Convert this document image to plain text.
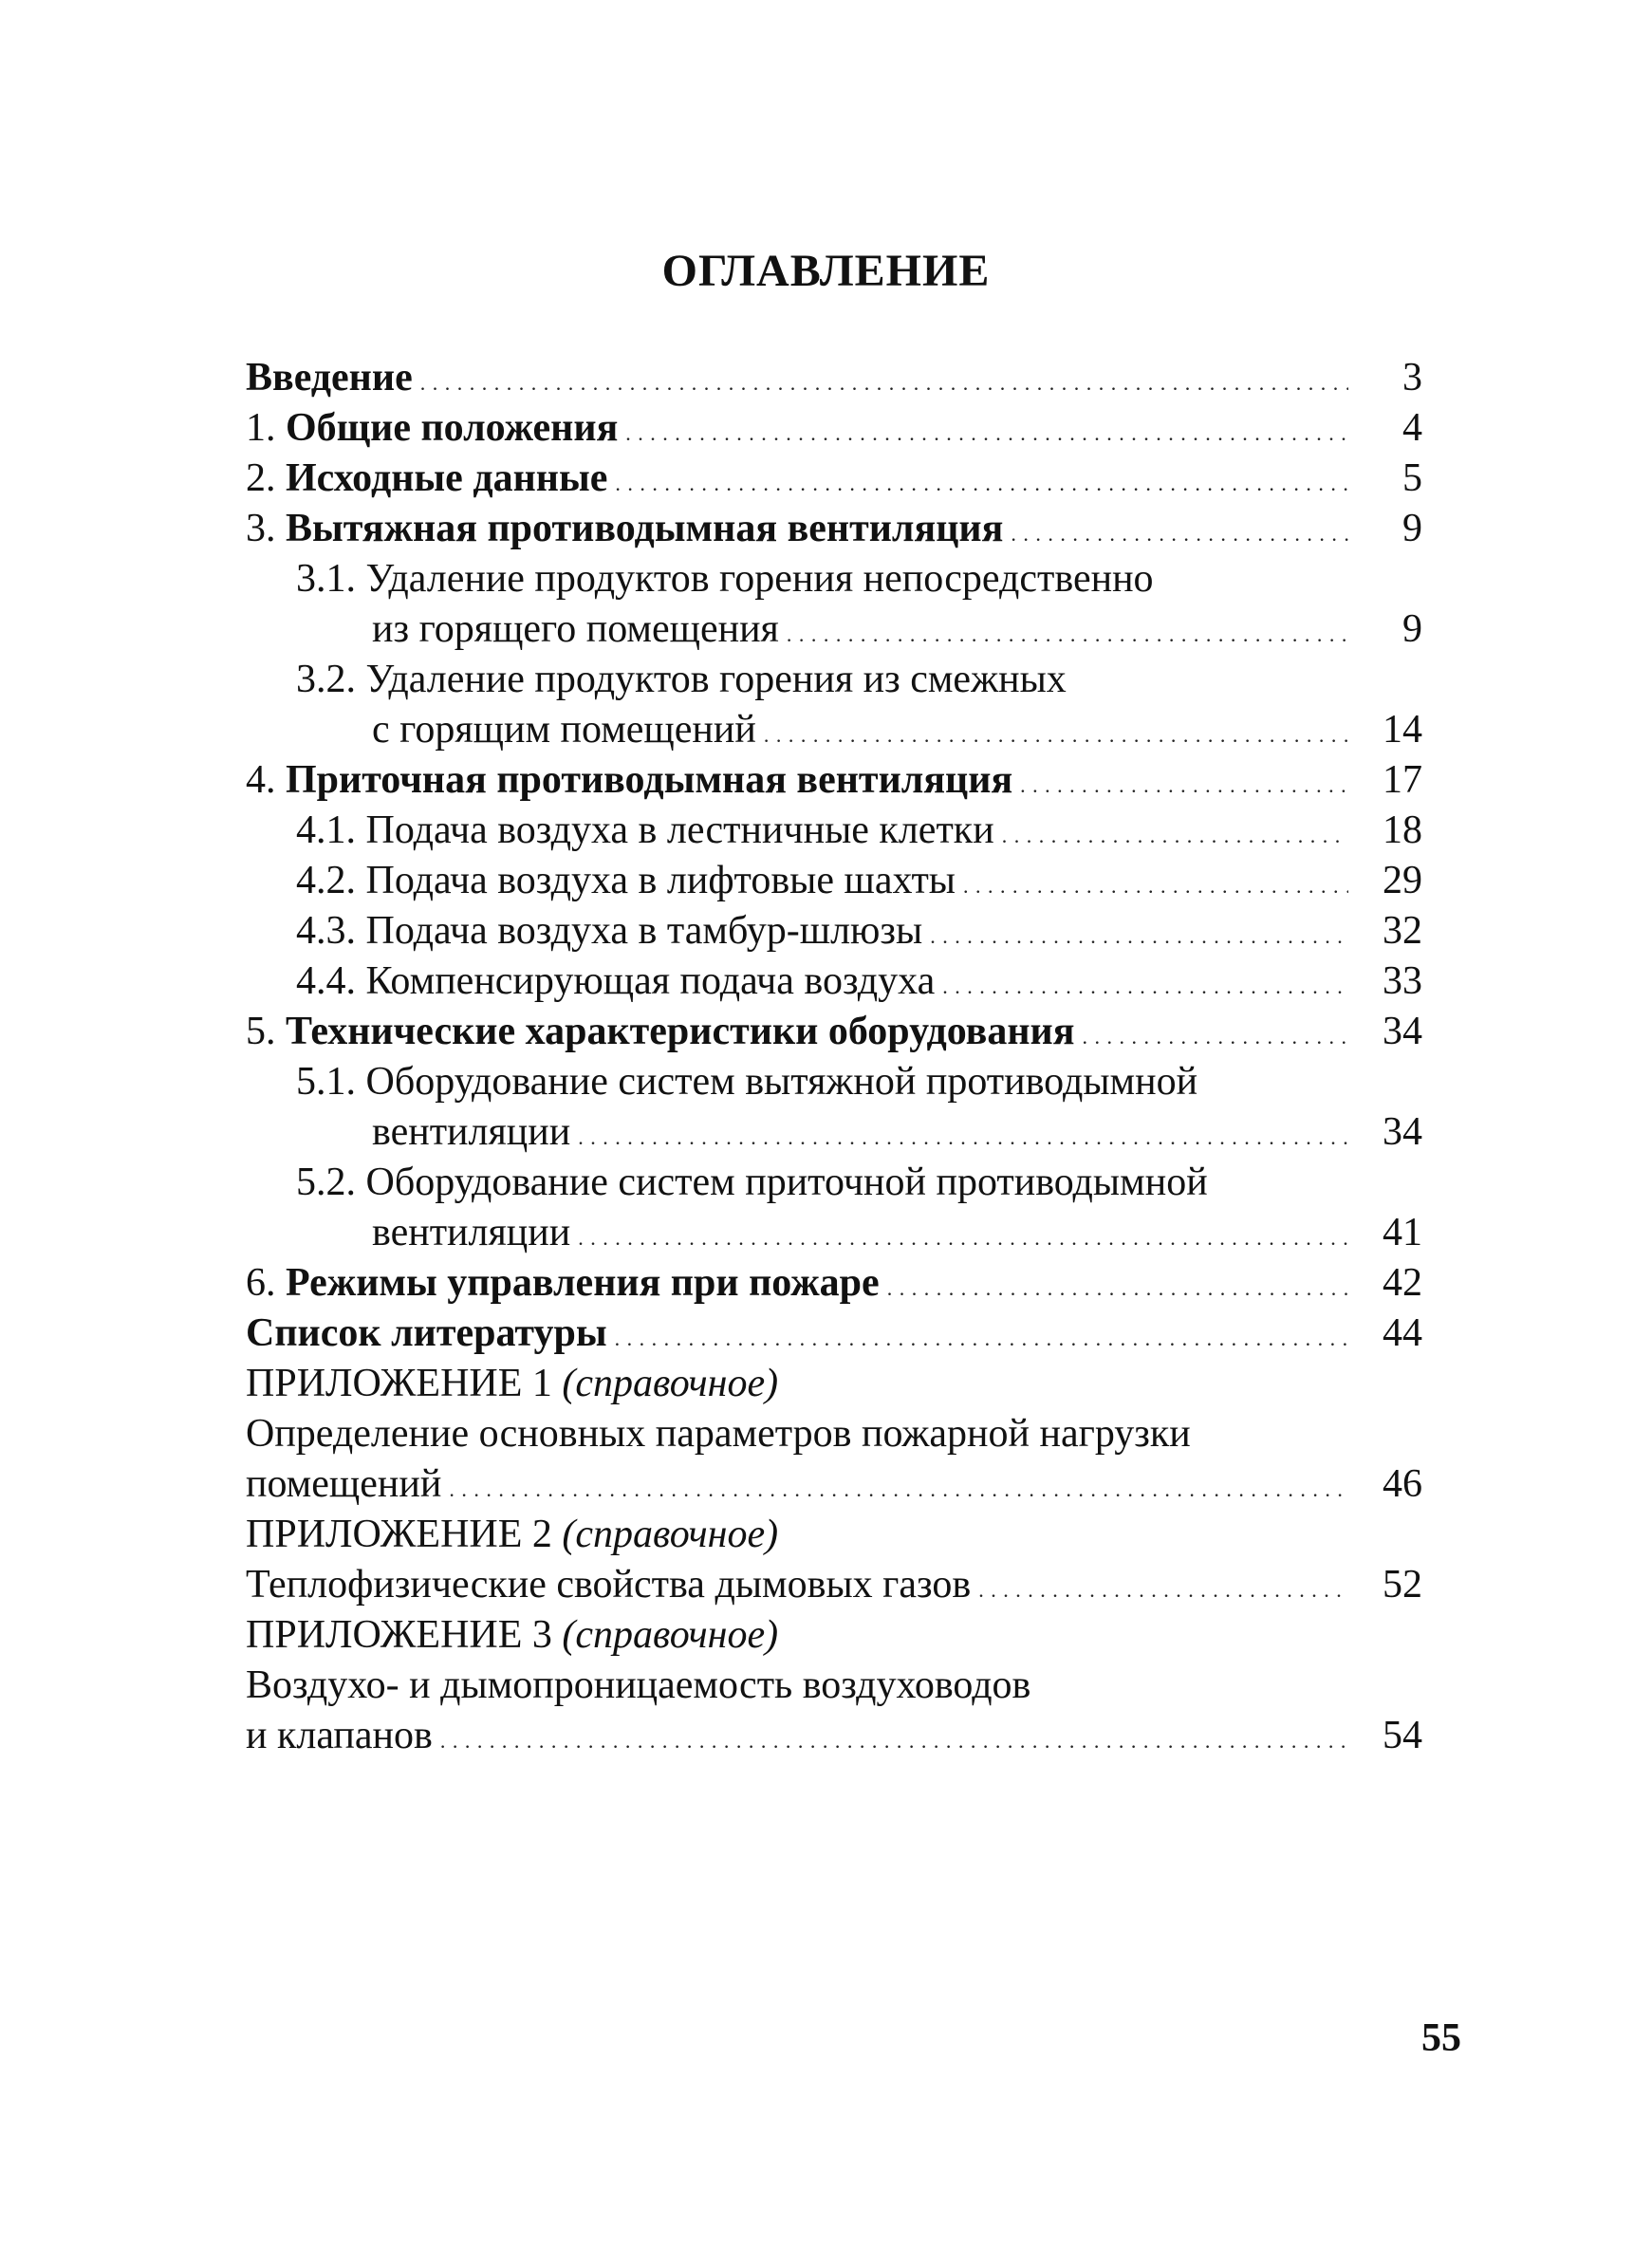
ОГЛАВЛЕНИЕ
Введение . . .	3
1. Общие положения . . .	4
2. Исходные данные . . .	5
3. Вытяжная противодымная вентиляция . . .	9
3.1. Удаление продуктов горения непосредственно
из горящего помещения . . .	9
3.2. Удаление продуктов горения из смежных
с горящим помещений . . .	14
4. Приточная противодымная вентиляция . . .	17
4.1. Подача воздуха в лестничные клетки . . .	18
4.2. Подача воздуха в лифтовые шахты . . .	29
4.3. Подача воздуха в тамбур-шлюзы . . .	32
4.4. Компенсирующая подача воздуха . . .	33
5. Технические характеристики оборудования . . .	34
5.1. Оборудование систем вытяжной противодымной
вентиляции . . .	34
5.2. Оборудование систем приточной противодымной
вентиляции . . .	41
6. Режимы управления при пожаре . . .	42
Список литературы . . .	44
ПРИЛОЖЕНИЕ 1 (справочное)
Определение основных параметров пожарной нагрузки
помещений . . .	46
ПРИЛОЖЕНИЕ 2 (справочное)
Теплофизические свойства дымовых газов . . .	52
ПРИЛОЖЕНИЕ 3 (справочное)
Воздухо- и дымопроницаемость воздуховодов
и клапанов . . .	54
55
